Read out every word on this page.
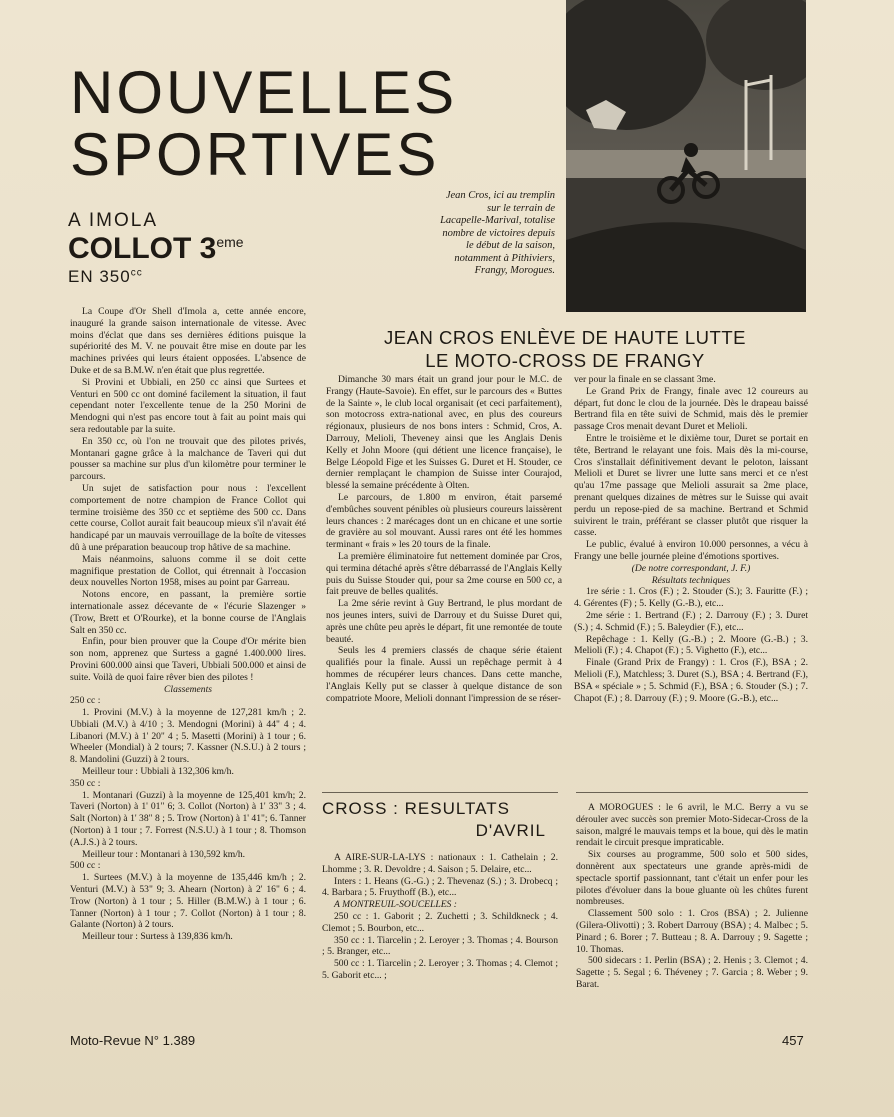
NOUVELLES
SPORTIVES
A IMOLA
COLLOT 3eme
EN $350^{cc}$
Jean Cros, ici au tremplin sur le terrain de Lacapelle-Marival, totalise nombre de victoires depuis le début de la saison, notamment à Pithiviers, Frangy, Morogues.
JEAN CROS ENLÈVE DE HAUTE LUTTE
LE MOTO-CROSS DE FRANGY

La Coupe d'Or Shell d'Imola a, cette année encore, inauguré la grande saison internationale de vitesse. Avec moins d'éclat que dans ses dernières éditions puisque la supériorité des M. V. ne pouvait être mise en doute par les machines privées qui leurs étaient opposées. L'absence de Duke et de sa B.M.W. n'en était que plus regrettée.

Si Provini et Ubbiali, en 250 cc ainsi que Surtees et Venturi en 500 cc ont dominé facilement la situation, il faut cependant noter l'excellente tenue de la 250 Morini de Mendogni qui n'est pas encore tout à fait au point mais qui sera redoutable par la suite.

En 350 cc, où l'on ne trouvait que des pilotes privés, Montanari gagne grâce à la malchance de Taveri qui dut pousser sa machine sur plus d'un kilomètre pour terminer le parcours.

Un sujet de satisfaction pour nous : l'excellent comportement de notre champion de France Collot qui termine troisième des 350 cc et septième des 500 cc. Dans cette course, Collot aurait fait beaucoup mieux s'il n'avait été handicapé par un mauvais verrouillage de la boîte de vitesses dû à une préparation beaucoup trop hâtive de sa machine.

Mais néanmoins, saluons comme il se doit cette magnifique prestation de Collot, qui étrennait à l'occasion deux nouvelles Norton 1958, mises au point par Garreau.

Notons encore, en passant, la première sortie internationale assez décevante de « l'écurie Slazenger » (Trow, Brett et O'Rourke), et la bonne course de l'Anglais Salt en 350 cc.

Enfin, pour bien prouver que la Coupe d'Or mérite bien son nom, apprenez que Surtess a gagné 1.400.000 lires. Provini 600.000 ainsi que Taveri, Ubbiali 500.000 et ainsi de suite. Voilà de quoi faire rêver bien des pilotes !

Classements

250 cc :

1. Provini (M.V.) à la moyenne de 127,281 km/h ; 2. Ubbiali (M.V.) à 4/10 ; 3. Mendogni (Morini) à 44" 4 ; 4. Libanori (M.V.) à 1' 20" 4 ; 5. Masetti (Morini) à 1 tour ; 6. Wheeler (Mondial) à 2 tours; 7. Kassner (N.S.U.) à 2 tours ; 8. Mandolini (Guzzi) à 2 tours.

Meilleur tour : Ubbiali à 132,306 km/h.

350 cc :

1. Montanari (Guzzi) à la moyenne de 125,401 km/h; 2. Taveri (Norton) à 1' 01" 6; 3. Collot (Norton) à 1' 33" 3 ; 4. Salt (Norton) à 1' 38" 8 ; 5. Trow (Norton) à 1' 41"; 6. Tanner (Norton) à 1 tour ; 7. Forrest (N.S.U.) à 1 tour ; 8. Thomson (A.J.S.) à 2 tours.

Meilleur tour : Montanari à 130,592 km/h.

500 cc :

1. Surtees (M.V.) à la moyenne de 135,446 km/h ; 2. Venturi (M.V.) à 53" 9; 3. Ahearn (Norton) à 2' 16" 6 ; 4. Trow (Norton) à 1 tour ; 5. Hiller (B.M.W.) à 1 tour ; 6. Tanner (Norton) à 1 tour ; 7. Collot (Norton) à 1 tour ; 8. Galante (Norton) à 2 tours.

Meilleur tour : Surtess à 139,836 km/h.

Dimanche 30 mars était un grand jour pour le M.C. de Frangy (Haute-Savoie). En effet, sur le parcours des « Buttes de la Sainte », le club local organisait (et ceci parfaitement), son motocross extra-national avec, en plus des coureurs régionaux, plusieurs de nos bons inters : Schmid, Cros, A. Darrouy, Melioli, Theveney ainsi que les Anglais Denis Kelly et John Moore (qui détient une licence française), le Belge Léopold Fige et les Suisses G. Duret et H. Stouder, ce dernier remplaçant le champion de Suisse inter Courajod, blessé la semaine précédente à Olten.

Le parcours, de 1.800 m environ, était parsemé d'embûches souvent pénibles où plusieurs coureurs laissèrent leurs chances : 2 marécages dont un en chicane et une sortie de gravière au sol mouvant. Aussi rares ont été les hommes terminant « frais » les 20 tours de la finale.

La première éliminatoire fut nettement dominée par Cros, qui termina détaché après s'être débarrassé de l'Anglais Kelly puis du Suisse Stouder qui, pour sa 2me course en 500 cc, a fait preuve de belles qualités.

La 2me série revint à Guy Bertrand, le plus mordant de nos jeunes inters, suivi de Darrouy et du Suisse Duret qui, après une chûte peu après le départ, fit une remontée de toute beauté.

Seuls les 4 premiers classés de chaque série étaient qualifiés pour la finale. Aussi un repêchage permit à 4 hommes de récupérer leurs chances. Dans cette manche, l'Anglais Kelly put se classer à quelque distance de son compatriote Moore, Melioli donnant l'impression de se réser-

ver pour la finale en se classant 3me.

Le Grand Prix de Frangy, finale avec 12 coureurs au départ, fut donc le clou de la journée. Dès le drapeau baissé Bertrand fila en tête suivi de Schmid, mais dès le premier passage Cros menait devant Duret et Melioli.

Entre le troisième et le dixième tour, Duret se portait en tête, Bertrand le relayant une fois. Mais dès la mi-course, Cros s'installait définitivement devant le peloton, laissant Melioli et Duret se livrer une lutte sans merci et ce n'est qu'au 17me passage que Melioli assurait sa 2me place, prenant quelques dizaines de mètres sur le Suisse qui avait perdu un repose-pied de sa machine. Bertrand et Schmid suivirent le train, préférant se classer plutôt que risquer la casse.

Le public, évalué à environ 10.000 personnes, a vécu à Frangy une belle journée pleine d'émotions sportives.

(De notre correspondant, J. F.)

Résultats techniques

1re série : 1. Cros (F.) ; 2. Stouder (S.); 3. Fauritte (F.) ; 4. Gérentes (F) ; 5. Kelly (G.-B.), etc...

2me série : 1. Bertrand (F.) ; 2. Darrouy (F.) ; 3. Duret (S.) ; 4. Schmid (F.) ; 5. Baleydier (F.), etc...

Repêchage : 1. Kelly (G.-B.) ; 2. Moore (G.-B.) ; 3. Melioli (F.) ; 4. Chapot (F.) ; 5. Vighetto (F.), etc...

Finale (Grand Prix de Frangy) : 1. Cros (F.), BSA ; 2. Melioli (F.), Matchless; 3. Duret (S.), BSA ; 4. Bertrand (F.), BSA « spéciale » ; 5. Schmid (F.), BSA ; 6. Stouder (S.) ; 7. Chapot (F.) ; 8. Darrouy (F.) ; 9. Moore (G.-B.), etc...

CROSS : RESULTATS
D'AVRIL

A AIRE-SUR-LA-LYS : nationaux : 1. Cathelain ; 2. Lhomme ; 3. R. Devoldre ; 4. Saison ; 5. Delaire, etc...

Inters : 1. Heans (G.-G.) ; 2. Thevenaz (S.) ; 3. Drobecq ; 4. Barbara ; 5. Fruythoff (B.), etc...

A MONTREUIL-SOUCELLES :

250 cc : 1. Gaborit ; 2. Zuchetti ; 3. Schildkneck ; 4. Clemot ; 5. Bourbon, etc...

350 cc : 1. Tiarcelin ; 2. Leroyer ; 3. Thomas ; 4. Bourson ; 5. Branger, etc...

500 cc : 1. Tiarcelin ; 2. Leroyer ; 3. Thomas ; 4. Clemot ; 5. Gaborit etc... ;

A MOROGUES : le 6 avril, le M.C. Berry a vu se dérouler avec succès son premier Moto-Sidecar-Cross de la saison, malgré le mauvais temps et la boue, qui dès le matin rendait le circuit presque impraticable.

Six courses au programme, 500 solo et 500 sides, donnèrent aux spectateurs une grande après-midi de spectacle sportif passionnant, tant c'était un enfer pour les pilotes d'évoluer dans la boue gluante où les chûtes furent nombreuses.

Classement 500 solo : 1. Cros (BSA) ; 2. Julienne (Gilera-Olivotti) ; 3. Robert Darrouy (BSA) ; 4. Malbec ; 5. Pinard ; 6. Borer ; 7. Butteau ; 8. A. Darrouy ; 9. Sagette ; 10. Thomas.

500 sidecars : 1. Perlin (BSA) ; 2. Henis ; 3. Clemot ; 4. Sagette ; 5. Segal ; 6. Théveney ; 7. Garcia ; 8. Weber ; 9. Barat.

Moto-Revue N° 1.389	457
